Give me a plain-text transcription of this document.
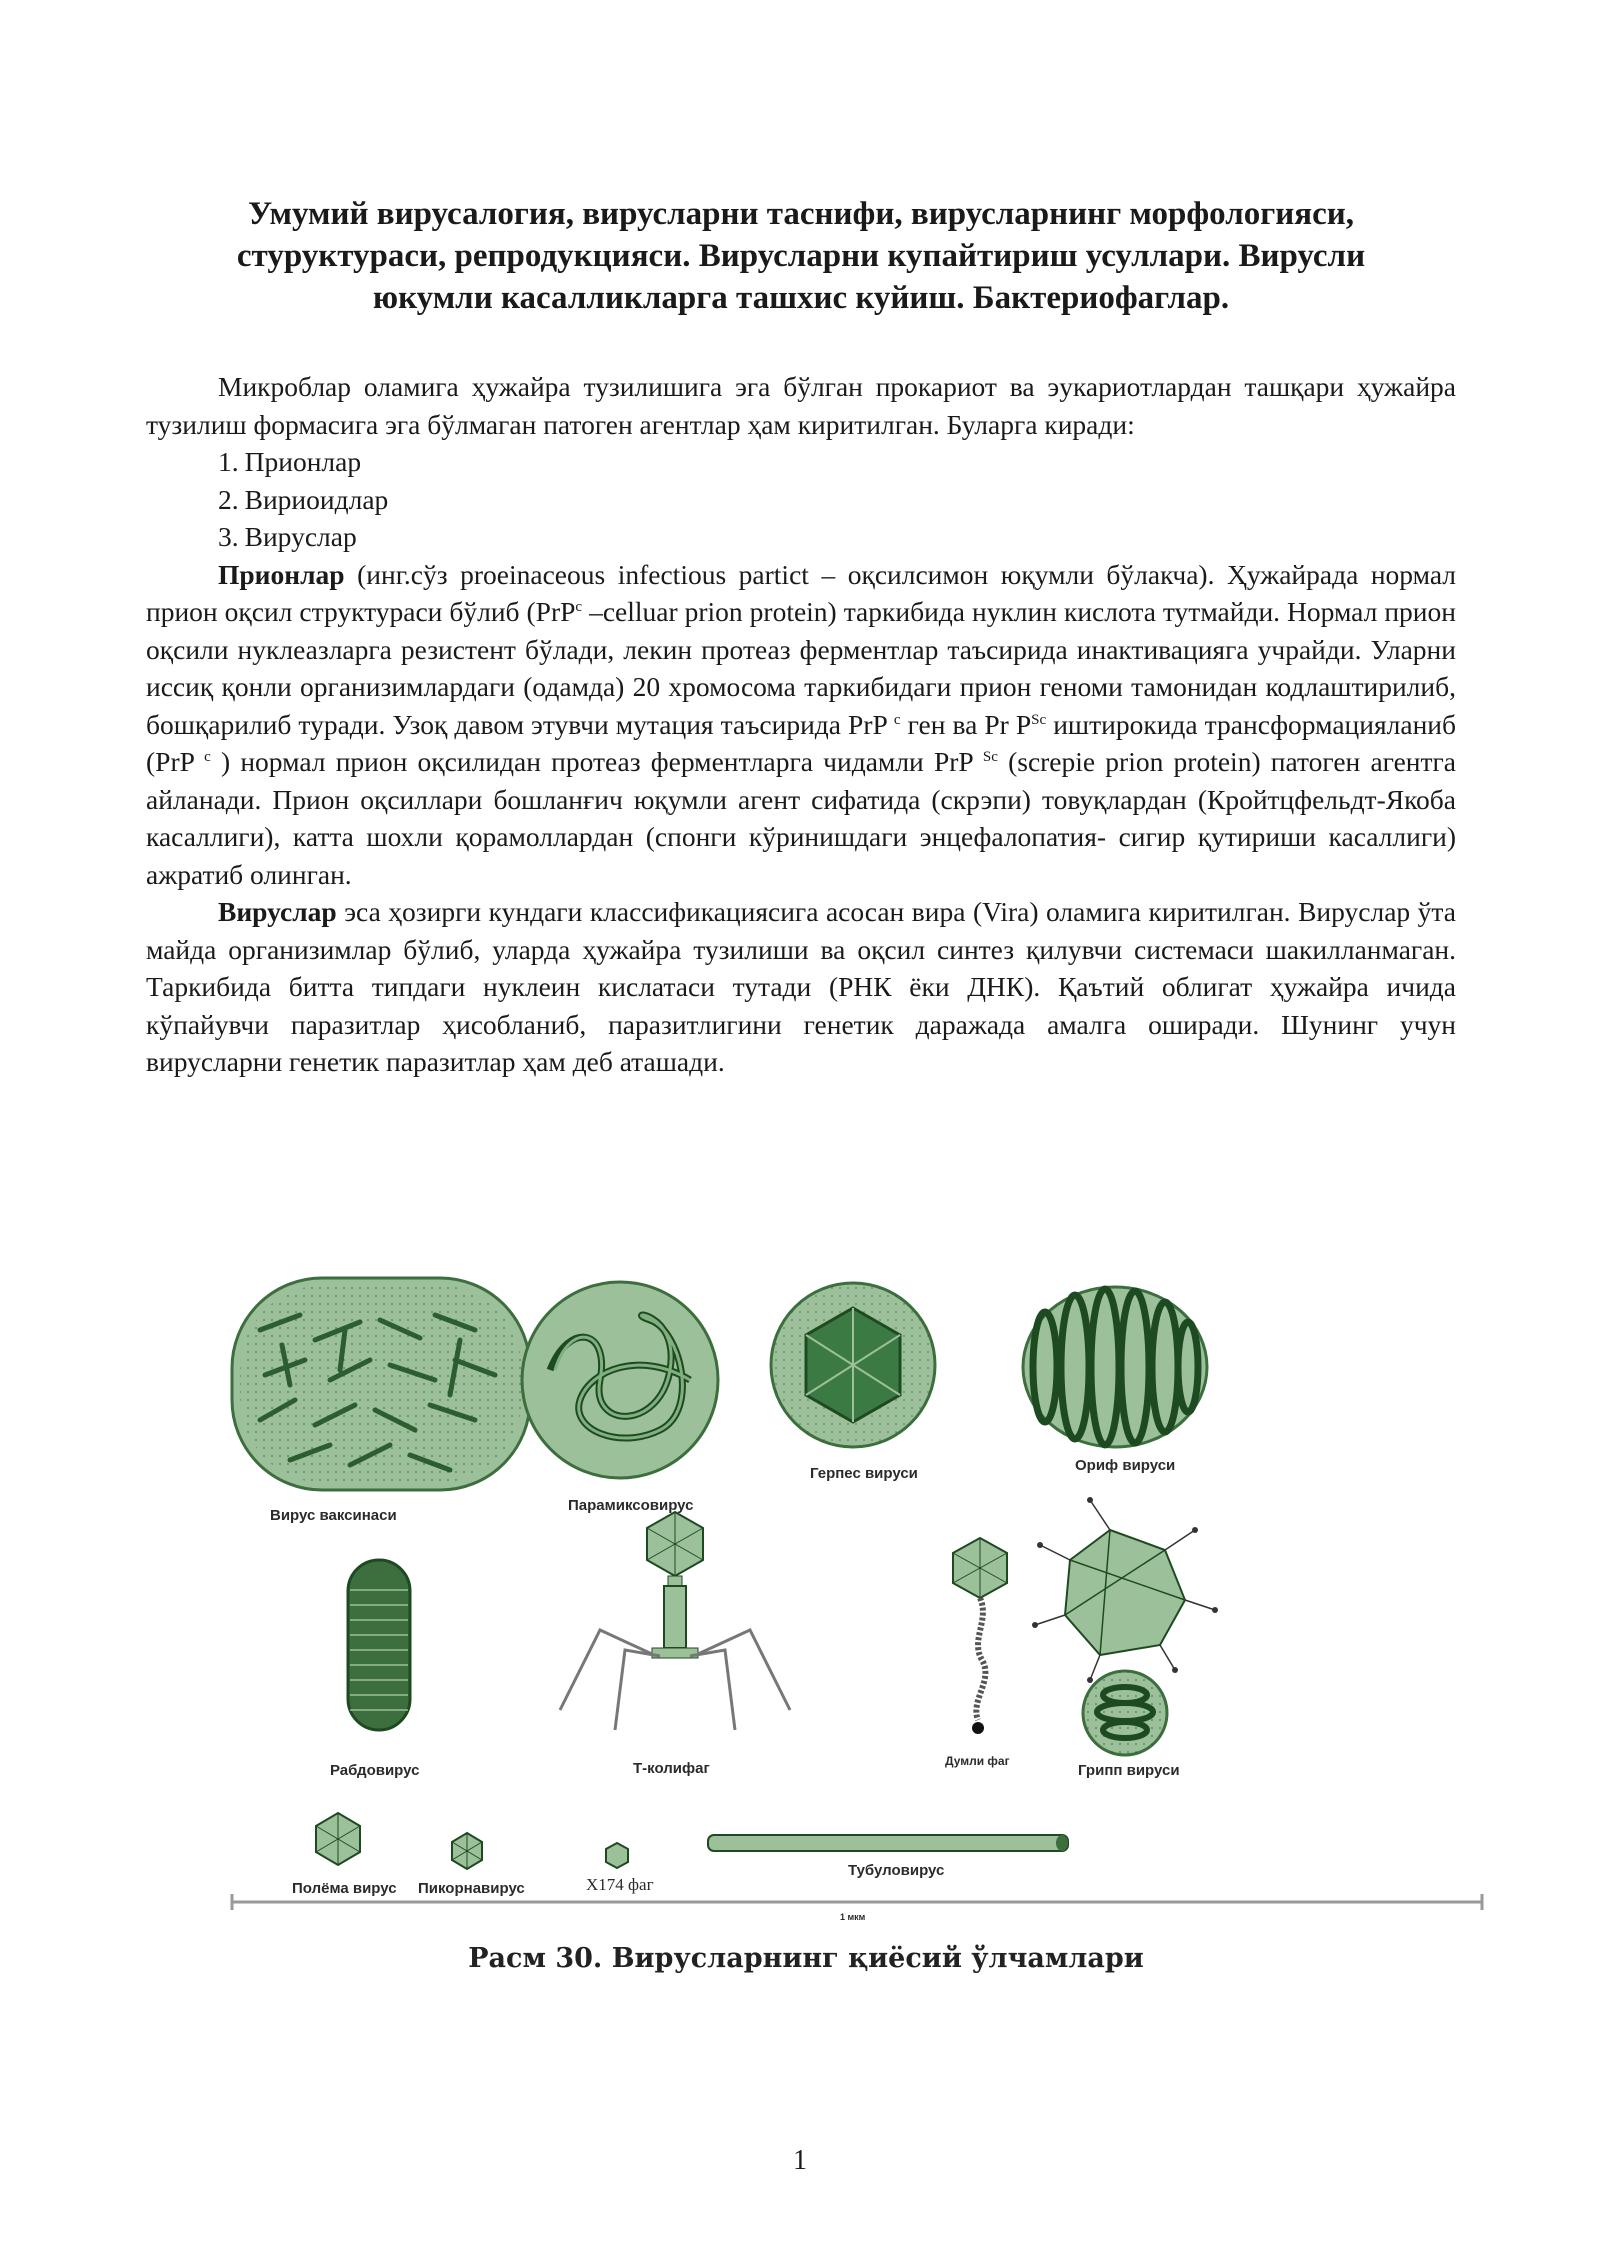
Умумий вирусалогия, вирусларни таснифи, вирусларнинг морфологияси,
стуруктураси, репродукцияси. Вирусларни купайтириш усуллари. Вирусли
юкумли касалликларга ташхис куйиш. Бактериофаглар.

Микроблар оламига ҳужайра тузилишига эга бўлган прокариот ва эукариотлардан ташқари ҳужайра тузилиш формасига эга бўлмаган патоген агентлар ҳам киритилган. Буларга киради:

1. Прионлар

2. Вириоидлар

3. Вируслар

Прионлар (инг.сўз proeinaceous infectious partict – оқсилсимон юқумли бўлакча). Ҳужайрада нормал прион оқсил структураси бўлиб (PrP$^c$ –celluar prion protein) таркибида нуклин кислота тутмайди. Нормал прион оқсили нуклеазларга резистент бўлади, лекин протеаз ферментлар таъсирида инактивацияга учрайди. Уларни иссиқ қонли организимлардаги (одамда) 20 хромосома таркибидаги прион геноми тамонидан кодлаштирилиб, бошқарилиб туради. Узоқ давом этувчи мутация таъсирида PrP $^c$ ген ва Pr $P^{Sc}$ иштирокида трансформацияланиб (PrP $^c$ ) нормал прион оқсилидан протеаз ферментларга чидамли PrP $^{Sc}$ (screpie prion protein) патоген агентга айланади. Прион оқсиллари бошланғич юқумли агент сифатида (скрэпи) товуқлардан (Кройтцфельдт-Якоба касаллиги), катта шохли қорамоллардан (спонги кўринишдаги энцефалопатия- сигир қутириши касаллиги) ажратиб олинган.

Вируслар эса ҳозирги кундаги классификациясига асосан вира (Vira) оламига киритилган. Вируслар ўта майда организимлар бўлиб, уларда ҳужайра тузилиши ва оқсил синтез қилувчи системаси шакилланмаган. Таркибида битта типдаги нуклеин кислатаси тутади (РНК ёки ДНК). Қаътий облигат ҳужайра ичида кўпайувчи паразитлар ҳисобланиб, паразитлигини генетик даражада амалга оширади. Шунинг учун вирусларни генетик паразитлар ҳам деб аташади.

Вирус ваксинаси
Парамиксовирус
Герпес вируси	Ориф вируси
Рабдовирус	Т-колифаг	Думли фаг
Грипп вируси
Полёма вирус Пикорнавирус	X174 фаг
Тубуловирус
1 мкм
Расм 30. Вирусларнинг қиёсий ўлчамлари
1
